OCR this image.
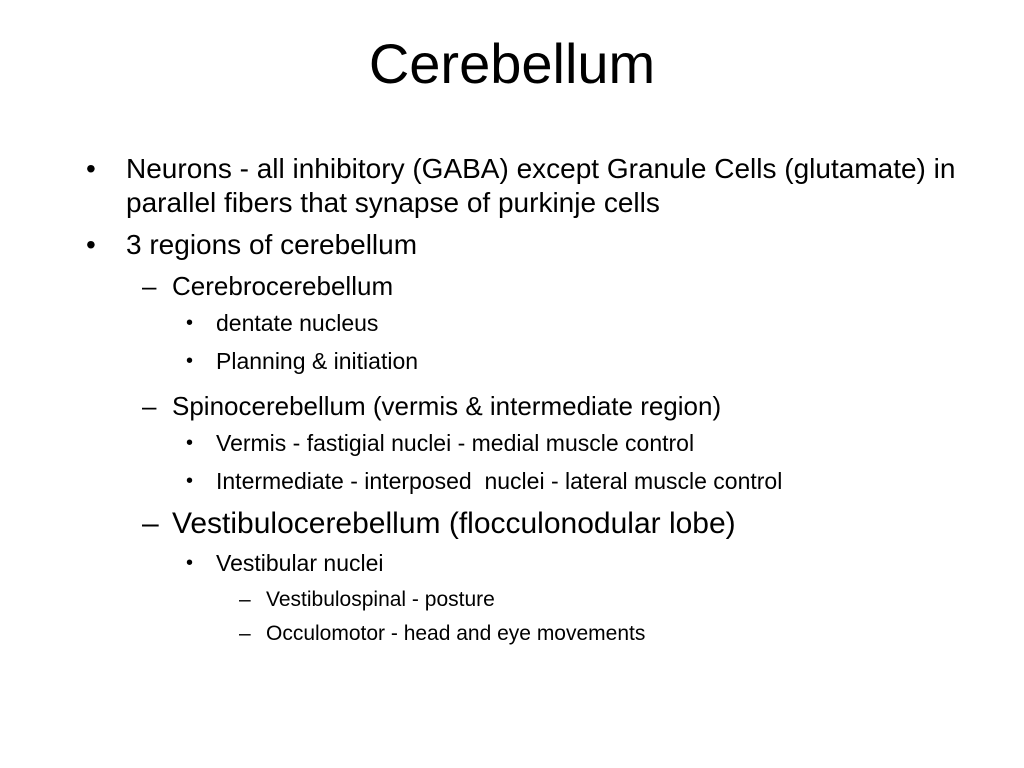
Cerebellum
• Neurons - all inhibitory (GABA) except Granule Cells (glutamate) in parallel fibers that synapse of purkinje cells
• 3 regions of cerebellum
– Cerebrocerebellum
• dentate nucleus
• Planning & initiation
– Spinocerebellum (vermis & intermediate region)
• Vermis - fastigial nuclei - medial muscle control
• Intermediate - interposed  nuclei - lateral muscle control
– Vestibulocerebellum (flocculonodular lobe)
• Vestibular nuclei
– Vestibulospinal - posture
– Occulomotor - head and eye movements
